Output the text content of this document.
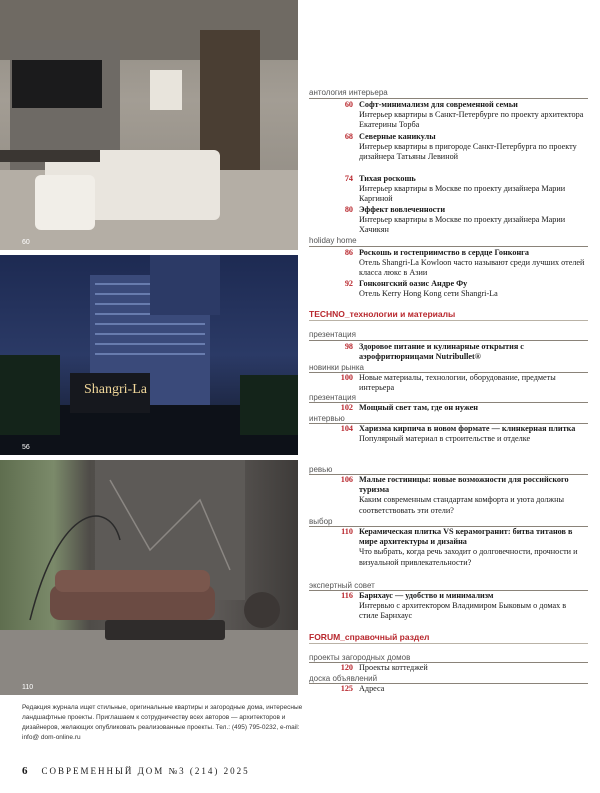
60
Shangri-La
56
110
антология интерьера
60 Софт-минимализм для современной семьи
Интерьер квартиры в Санкт-Петербурге по проекту архитектора Екатерины Торба
68 Северные каникулы
Интерьер квартиры в пригороде Санкт-Петербурга по проекту дизайнера Татьяны Левиной
74 Тихая роскошь
Интерьер квартиры в Москве по проекту дизайнера Марии Каргиной
80 Эффект вовлеченности
Интерьер квартиры в Москве по проекту дизайнера Марии Хачикян
holiday home
86 Роскошь и гостеприимство в сердце Гонконга
Отель Shangri-La Kowloon часто называют среди лучших отелей класса люкс в Азии
92 Гонконгский оазис Андре Фу
Отель Kerry Hong Kong сети Shangri-La
TECHNO_технологии и материалы
презентация
98 Здоровое питание и кулинарные открытия с аэрофритюрницами Nutribullet®
новинки рынка
100 Новые материалы, технологии, оборудование, предметы интерьера
презентация
102 Мощный свет там, где он нужен
интервью
104 Харизма кирпича в новом формате — клинкерная плитка
Популярный материал в строительстве и отделке
ревью
106 Малые гостиницы: новые возможности для российского туризма
Каким современным стандартам комфорта и уюта должны соответствовать эти отели?
выбор
110 Керамическая плитка VS керамогранит: битва титанов в мире архитектуры и дизайна
Что выбрать, когда речь заходит о долговечности, прочности и визуальной привлекательности?
экспертный совет
116 Барнхаус — удобство и минимализм
Интервью с архитектором Владимиром Быковым о домах в стиле Барнхаус
FORUM_справочный раздел
проекты загородных домов
120 Проекты коттеджей
доска объявлений
125 Адреса
Редакция журнала ищет стильные, оригинальные квартиры и загородные дома, интересные ландшафтные проекты. Приглашаем к сотрудничеству всех авторов — архитекторов и дизайнеров, желающих опубликовать реализованные проекты. Тел.: (495) 795-0232, e-mail: info@ dom-online.ru
6 СОВРЕМЕННЫЙ ДОМ №3 (214) 2025
